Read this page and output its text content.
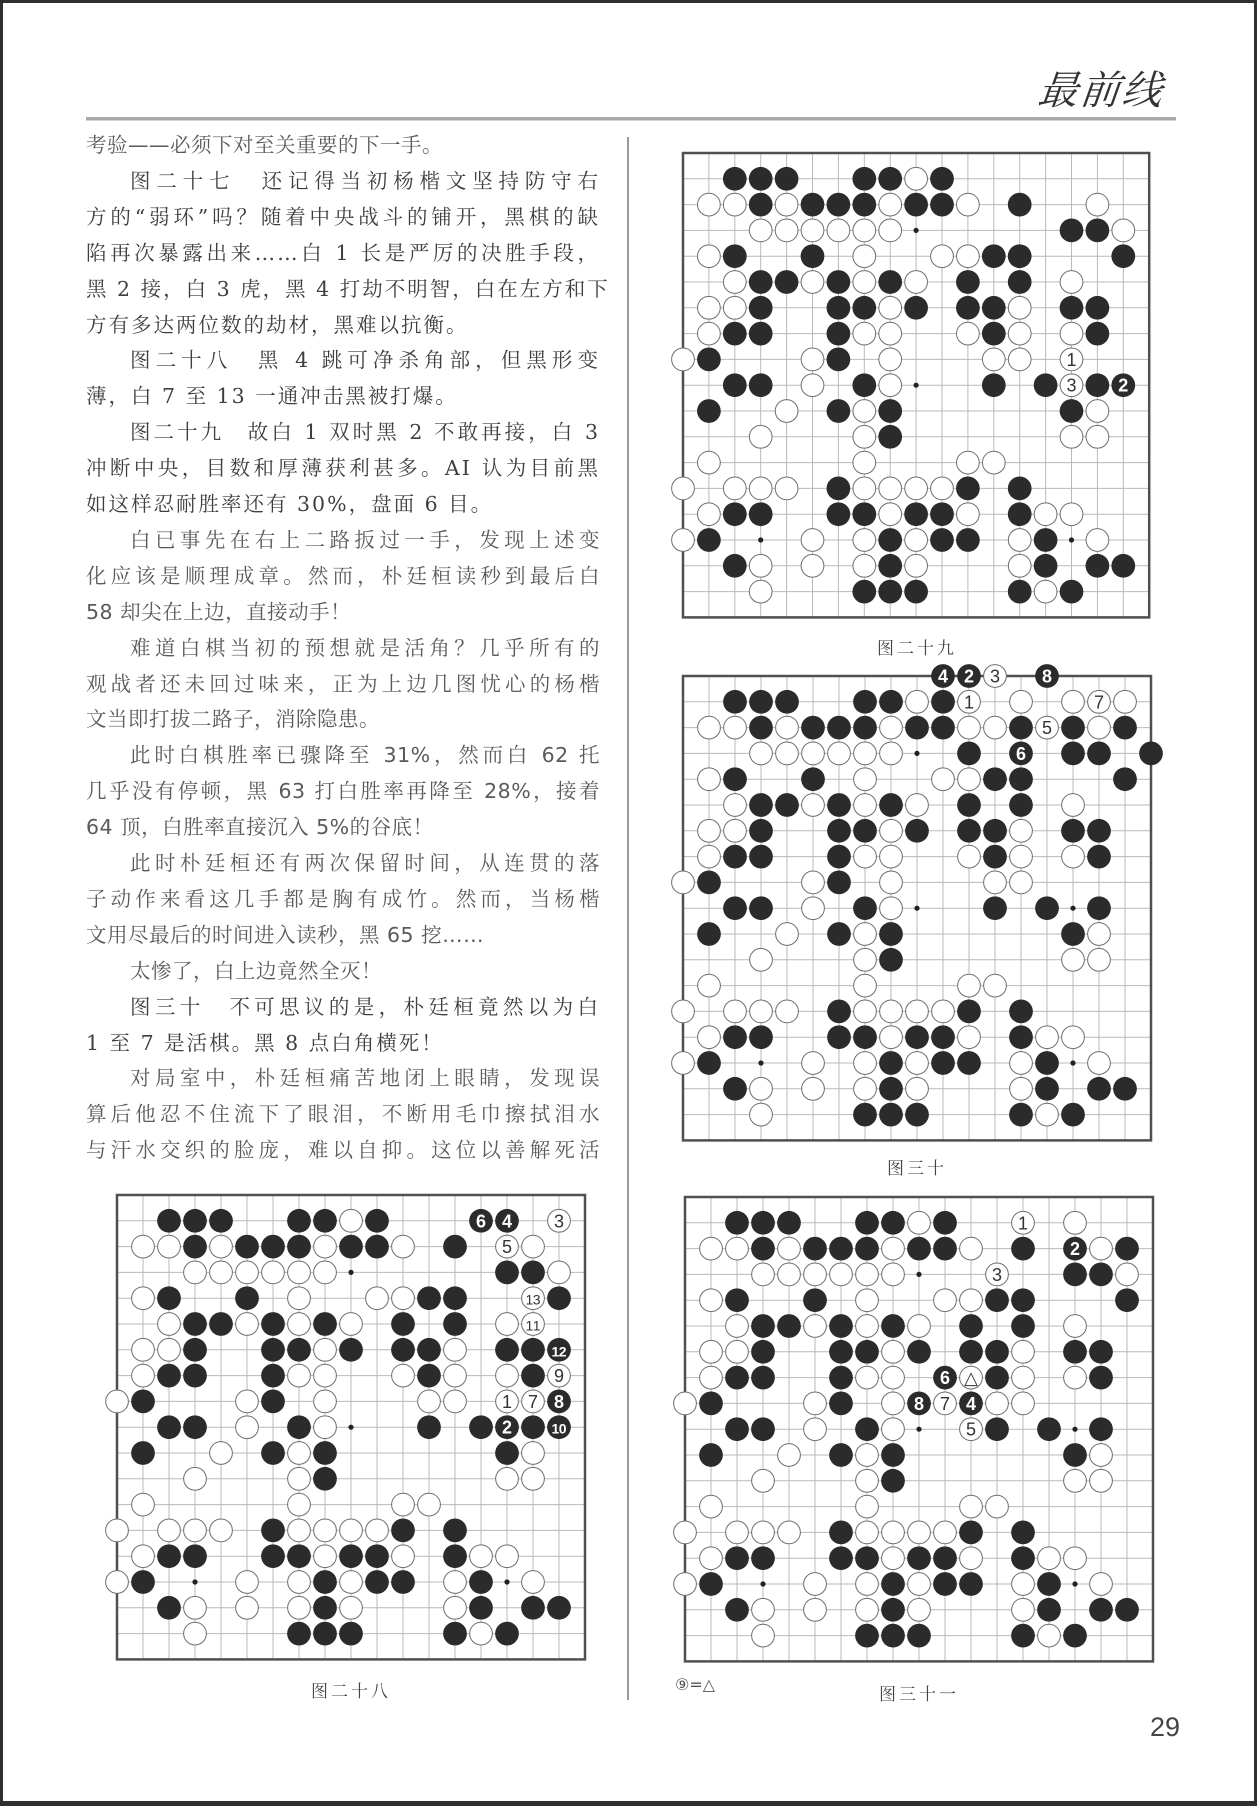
最前线
考验——必须下对至关重要的下一手。
图二十七　还记得当初杨楷文坚持防守右
方的“弱环”吗？随着中央战斗的铺开，黑棋的缺
陷再次暴露出来……白 1 长是严厉的决胜手段，
黑 2 接，白 3 虎，黑 4 打劫不明智，白在左方和下
方有多达两位数的劫材，黑难以抗衡。
图二十八　黑 4 跳可净杀角部，但黑形变
薄，白 7 至 13 一通冲击黑被打爆。
图二十九　故白 1 双时黑 2 不敢再接，白 3
冲断中央，目数和厚薄获利甚多。AI 认为目前黑
如这样忍耐胜率还有 30%，盘面 6 目。
白已事先在右上二路扳过一手，发现上述变
化应该是顺理成章。然而，朴廷桓读秒到最后白
58 却尖在上边，直接动手！
难道白棋当初的预想就是活角？几乎所有的
观战者还未回过味来，正为上边几图忧心的杨楷
文当即打拔二路子，消除隐患。
此时白棋胜率已骤降至 31%，然而白 62 托
几乎没有停顿，黑 63 打白胜率再降至 28%，接着
64 顶，白胜率直接沉入 5%的谷底！
此时朴廷桓还有两次保留时间，从连贯的落
子动作来看这几手都是胸有成竹。然而，当杨楷
文用尽最后的时间进入读秒，黑 65 挖……
太惨了，白上边竟然全灭！
图三十　不可思议的是，朴廷桓竟然以为白
1 至 7 是活棋。黑 8 点白角横死！
对局室中，朴廷桓痛苦地闭上眼睛，发现误
算后他忍不住流下了眼泪，不断用毛巾擦拭泪水
与汗水交织的脸庞，难以自抑。这位以善解死活
1
3 2
图二十九
4 2 3 8
1	7
5
6
图三十
6 4 3
5
13
11
12
9
1 7 8
2	10
图二十八
1
2
3
6 △
8 7 4
5
图三十一
⑨=△
29
